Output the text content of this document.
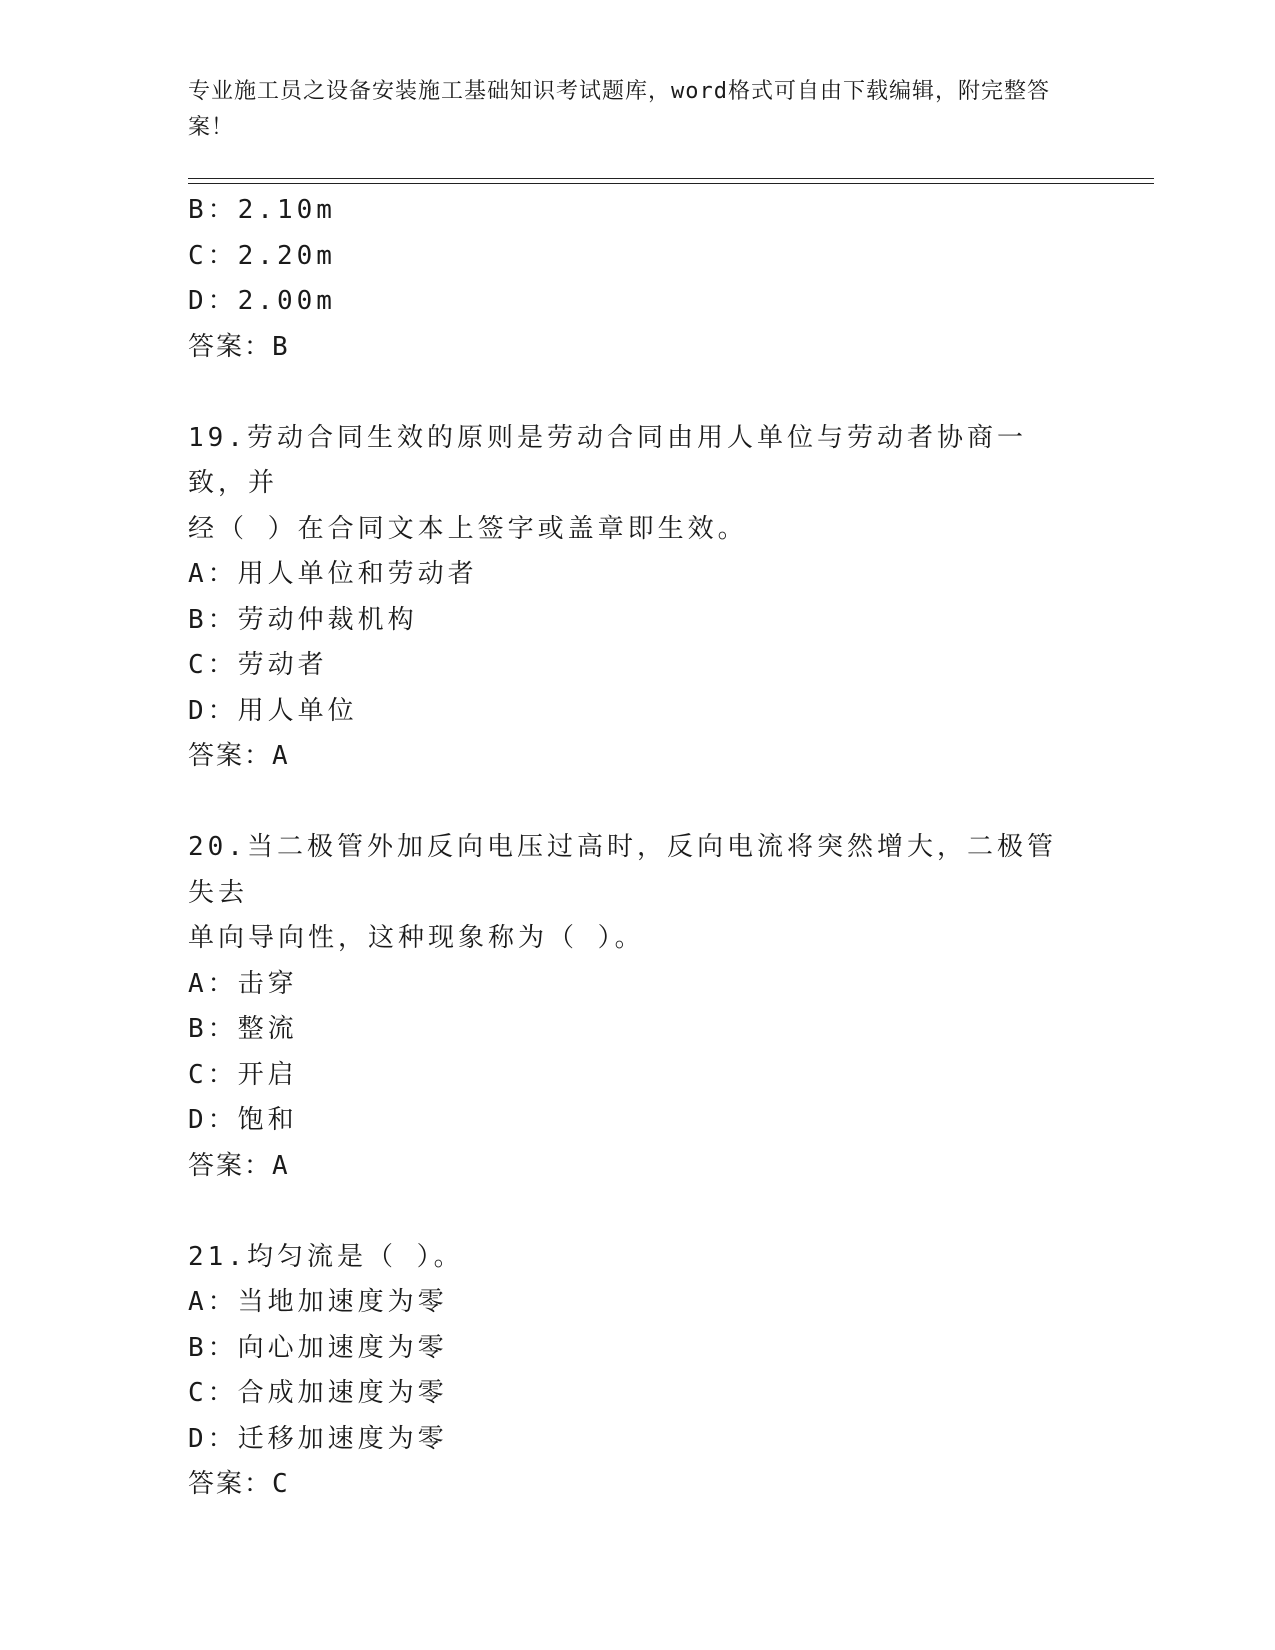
专业施工员之设备安装施工基础知识考试题库，word格式可自由下载编辑，附完整答案！
B：2.10m
C：2.20m
D：2.00m
答案：B
19.劳动合同生效的原则是劳动合同由用人单位与劳动者协商一致，并
经（ ）在合同文本上签字或盖章即生效。
A：用人单位和劳动者
B：劳动仲裁机构
C：劳动者
D：用人单位
答案：A
20.当二极管外加反向电压过高时，反向电流将突然增大，二极管失去
单向导向性，这种现象称为（ ）。
A：击穿
B：整流
C：开启
D：饱和
答案：A
21.均匀流是（ ）。
A：当地加速度为零
B：向心加速度为零
C：合成加速度为零
D：迁移加速度为零
答案：C
